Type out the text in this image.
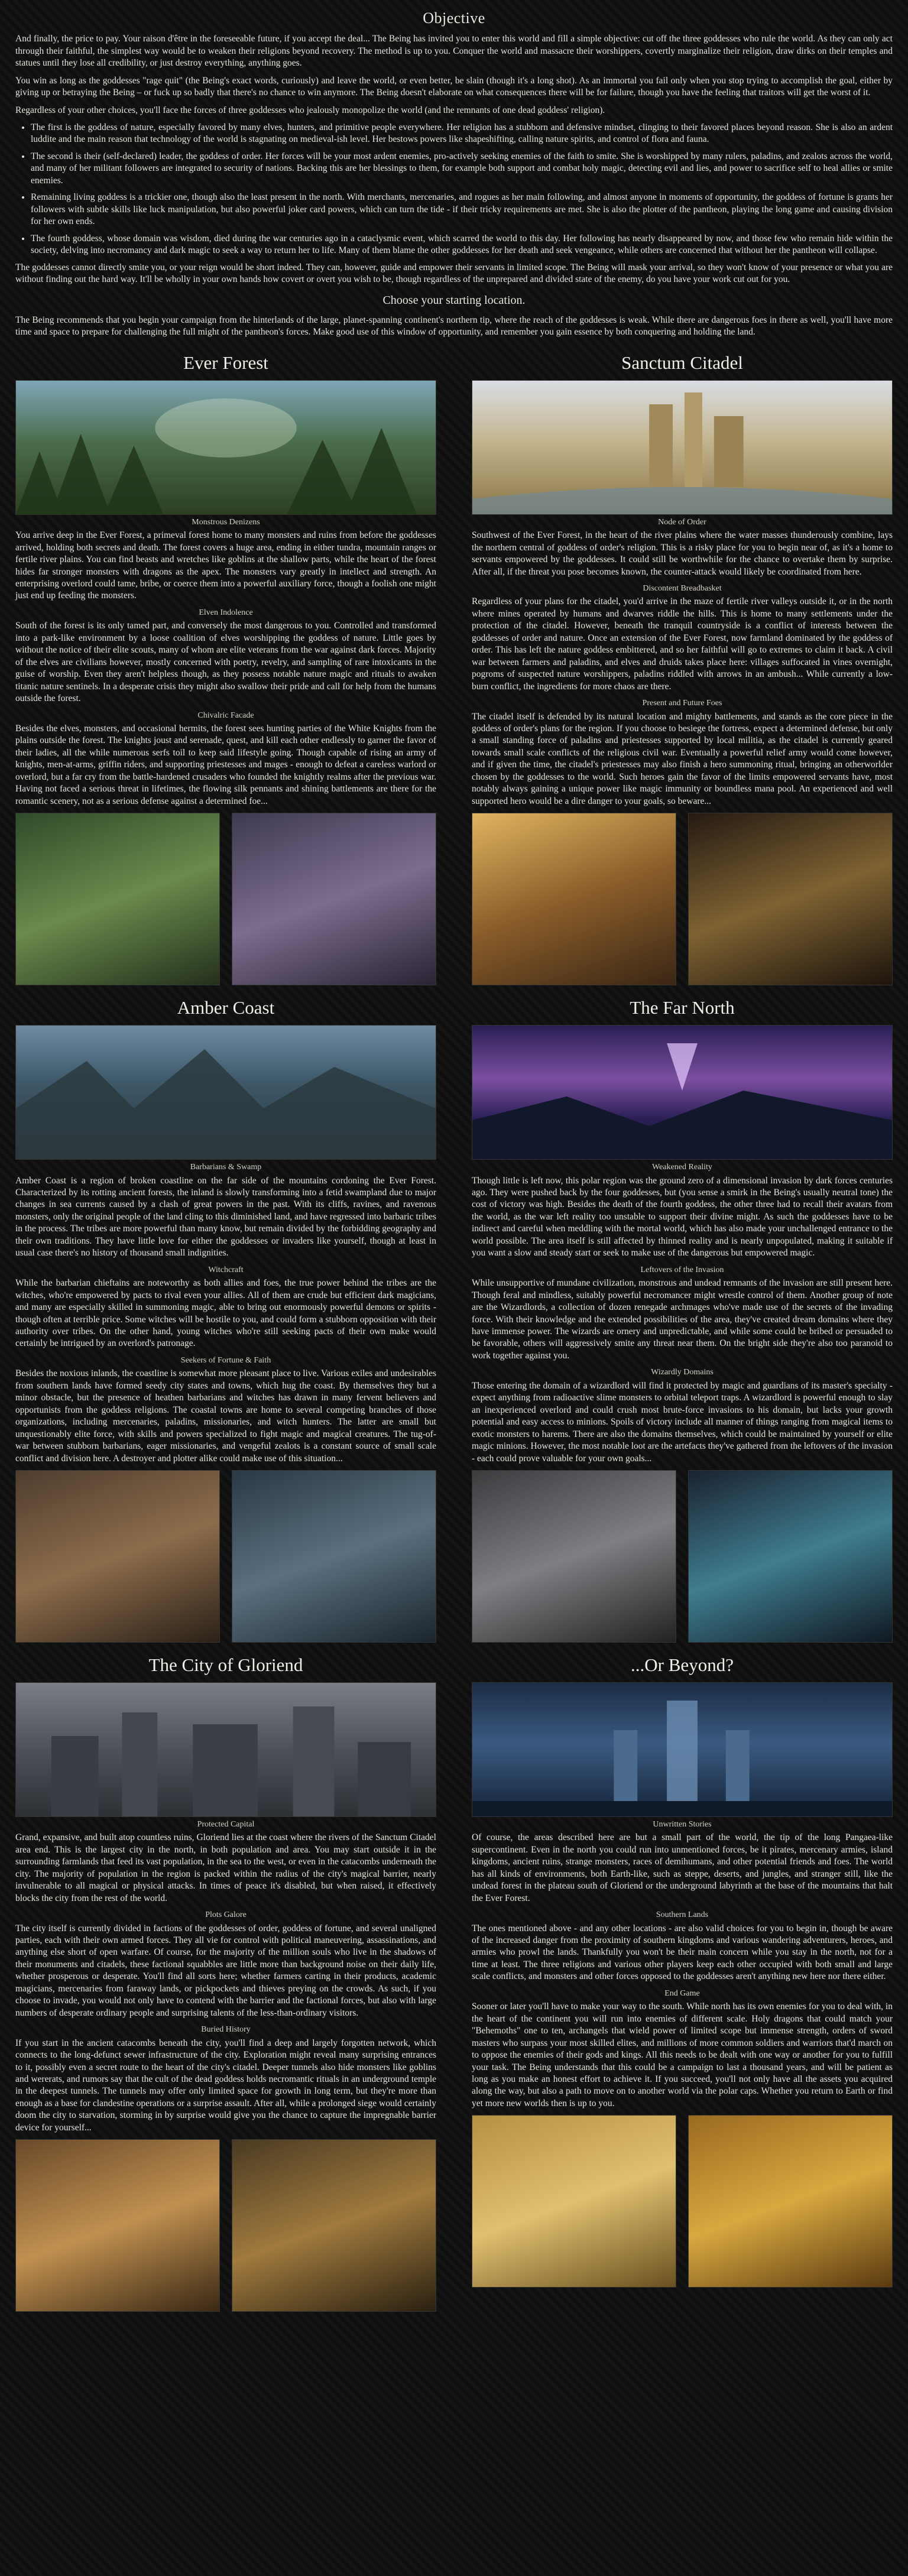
Objective

And finally, the price to pay. Your raison d'être in the foreseeable future, if you accept the deal... The Being has invited you to enter this world and fill a simple objective: cut off the three goddesses who rule the world. As they can only act through their faithful, the simplest way would be to weaken their religions beyond recovery. The method is up to you. Conquer the world and massacre their worshippers, covertly marginalize their religion, draw dirks on their temples and statues until they lose all credibility, or just destroy everything, anything goes.

You win as long as the goddesses "rage quit" (the Being's exact words, curiously) and leave the world, or even better, be slain (though it's a long shot). As an immortal you fail only when you stop trying to accomplish the goal, either by giving up or betraying the Being – or fuck up so badly that there's no chance to win anymore. The Being doesn't elaborate on what consequences there will be for failure, though you have the feeling that traitors will get the worst of it.

Regardless of your other choices, you'll face the forces of three goddesses who jealously monopolize the world (and the remnants of one dead goddess' religion).

• The first is the goddess of nature, especially favored by many elves, hunters, and primitive people everywhere. Her religion has a stubborn and defensive mindset, clinging to their favored places beyond reason. She is also an ardent luddite and the main reason that technology of the world is stagnating on medieval-ish level. Her bestows powers like shapeshifting, calling nature spirits, and control of flora and fauna.
• The second is their (self-declared) leader, the goddess of order. Her forces will be your most ardent enemies, pro-actively seeking enemies of the faith to smite. She is worshipped by many rulers, paladins, and zealots across the world, and many of her militant followers are integrated to security of nations. Backing this are her blessings to them, for example both support and combat holy magic, detecting evil and lies, and power to sacrifice self to heal allies or smite enemies.
• Remaining living goddess is a trickier one, though also the least present in the north. With merchants, mercenaries, and rogues as her main following, and almost anyone in moments of opportunity, the goddess of fortune is grants her followers with subtle skills like luck manipulation, but also powerful joker card powers, which can turn the tide - if their tricky requirements are met. She is also the plotter of the pantheon, playing the long game and causing division for her own ends.
• The fourth goddess, whose domain was wisdom, died during the war centuries ago in a cataclysmic event, which scarred the world to this day. Her following has nearly disappeared by now, and those few who remain hide within the society, delving into necromancy and dark magic to seek a way to return her to life. Many of them blame the other goddesses for her death and seek vengeance, while others are concerned that without her the pantheon will collapse.

The goddesses cannot directly smite you, or your reign would be short indeed. They can, however, guide and empower their servants in limited scope. The Being will mask your arrival, so they won't know of your presence or what you are without finding out the hard way. It'll be wholly in your own hands how covert or overt you wish to be, though regardless of the unprepared and divided state of the enemy, do you have your work cut out for you.

Choose your starting location.

The Being recommends that you begin your campaign from the hinterlands of the large, planet-spanning continent's northern tip, where the reach of the goddesses is weak. While there are dangerous foes in there as well, you'll have more time and space to prepare for challenging the full might of the pantheon's forces. Make good use of this window of opportunity, and remember you gain essence by both conquering and holding the land.

Ever Forest
Monstrous Denizens

You arrive deep in the Ever Forest, a primeval forest home to many monsters and ruins from before the goddesses arrived, holding both secrets and death. The forest covers a huge area, ending in either tundra, mountain ranges or fertile river plains. You can find beasts and wretches like goblins at the shallow parts, while the heart of the forest hides far stronger monsters with dragons as the apex. The monsters vary greatly in intellect and strength. An enterprising overlord could tame, bribe, or coerce them into a powerful auxiliary force, though a foolish one might just end up feeding the monsters.

Elven Indolence

South of the forest is its only tamed part, and conversely the most dangerous to you. Controlled and transformed into a park-like environment by a loose coalition of elves worshipping the goddess of nature. Little goes by without the notice of their elite scouts, many of whom are elite veterans from the war against dark forces. Majority of the elves are civilians however, mostly concerned with poetry, revelry, and sampling of rare intoxicants in the guise of worship. Even they aren't helpless though, as they possess notable nature magic and rituals to awaken titanic nature sentinels. In a desperate crisis they might also swallow their pride and call for help from the humans outside the forest.

Chivalric Facade

Besides the elves, monsters, and occasional hermits, the forest sees hunting parties of the White Knights from the plains outside the forest. The knights joust and serenade, quest, and kill each other endlessly to garner the favor of their ladies, all the while numerous serfs toil to keep said lifestyle going. Though capable of rising an army of knights, men-at-arms, griffin riders, and supporting priestesses and mages - enough to defeat a careless warlord or overlord, but a far cry from the battle-hardened crusaders who founded the knightly realms after the previous war. Having not faced a serious threat in lifetimes, the flowing silk pennants and shining battlements are there for the romantic scenery, not as a serious defense against a determined foe...

Sanctum Citadel
Node of Order

Southwest of the Ever Forest, in the heart of the river plains where the water masses thunderously combine, lays the northern central of goddess of order's religion. This is a risky place for you to begin near of, as it's a home to servants empowered by the goddesses. It could still be worthwhile for the chance to overtake them by surprise. After all, if the threat you pose becomes known, the counter-attack would likely be coordinated from here.

Discontent Breadbasket

Regardless of your plans for the citadel, you'd arrive in the maze of fertile river valleys outside it, or in the north where mines operated by humans and dwarves riddle the hills. This is home to many settlements under the protection of the citadel. However, beneath the tranquil countryside is a conflict of interests between the goddesses of order and nature. Once an extension of the Ever Forest, now farmland dominated by the goddess of order. This has left the nature goddess embittered, and so her faithful will go to extremes to claim it back. A civil war between farmers and paladins, and elves and druids takes place here: villages suffocated in vines overnight, pogroms of suspected nature worshippers, paladins riddled with arrows in an ambush... While currently a low-burn conflict, the ingredients for more chaos are there.

Present and Future Foes

The citadel itself is defended by its natural location and mighty battlements, and stands as the core piece in the goddess of order's plans for the region. If you choose to besiege the fortress, expect a determined defense, but only a small standing force of paladins and priestesses supported by local militia, as the citadel is currently geared towards small scale conflicts of the religious civil war. Eventually a powerful relief army would come however, and if given the time, the citadel's priestesses may also finish a hero summoning ritual, bringing an otherworlder chosen by the goddesses to the world. Such heroes gain the favor of the limits empowered servants have, most notably always gaining a unique power like magic immunity or boundless mana pool. An experienced and well supported hero would be a dire danger to your goals, so beware...

Amber Coast
Barbarians & Swamp

Amber Coast is a region of broken coastline on the far side of the mountains cordoning the Ever Forest. Characterized by its rotting ancient forests, the inland is slowly transforming into a fetid swampland due to major changes in sea currents caused by a clash of great powers in the past. With its cliffs, ravines, and ravenous monsters, only the original people of the land cling to this diminished land, and have regressed into barbaric tribes in the process. The tribes are more powerful than many know, but remain divided by the forbidding geography and their own traditions. They have little love for either the goddesses or invaders like yourself, though at least in usual case there's no history of thousand small indignities.

Witchcraft

While the barbarian chieftains are noteworthy as both allies and foes, the true power behind the tribes are the witches, who're empowered by pacts to rival even your allies. All of them are crude but efficient dark magicians, and many are especially skilled in summoning magic, able to bring out enormously powerful demons or spirits - though often at terrible price. Some witches will be hostile to you, and could form a stubborn opposition with their authority over tribes. On the other hand, young witches who're still seeking pacts of their own make would certainly be intrigued by an overlord's patronage.

Seekers of Fortune & Faith

Besides the noxious inlands, the coastline is somewhat more pleasant place to live. Various exiles and undesirables from southern lands have formed seedy city states and towns, which hug the coast. By themselves they but a minor obstacle, but the presence of heathen barbarians and witches has drawn in many fervent believers and opportunists from the goddess religions. The coastal towns are home to several competing branches of those organizations, including mercenaries, paladins, missionaries, and witch hunters. The latter are small but unquestionably elite force, with skills and powers specialized to fight magic and magical creatures. The tug-of-war between stubborn barbarians, eager missionaries, and vengeful zealots is a constant source of small scale conflict and division here. A destroyer and plotter alike could make use of this situation...

The Far North
Weakened Reality

Though little is left now, this polar region was the ground zero of a dimensional invasion by dark forces centuries ago. They were pushed back by the four goddesses, but (you sense a smirk in the Being's usually neutral tone) the cost of victory was high. Besides the death of the fourth goddess, the other three had to recall their avatars from the world, as the war left reality too unstable to support their divine might. As such the goddesses have to be indirect and careful when meddling with the mortal world, which has also made your unchallenged entrance to the world possible. The area itself is still affected by thinned reality and is nearly unpopulated, making it suitable if you want a slow and steady start or seek to make use of the dangerous but empowered magic.

Leftovers of the Invasion

While unsupportive of mundane civilization, monstrous and undead remnants of the invasion are still present here. Though feral and mindless, suitably powerful necromancer might wrestle control of them. Another group of note are the Wizardlords, a collection of dozen renegade archmages who've made use of the secrets of the invading force. With their knowledge and the extended possibilities of the area, they've created dream domains where they have immense power. The wizards are ornery and unpredictable, and while some could be bribed or persuaded to be favorable, others will aggressively smite any threat near them. On the bright side they're also too paranoid to work together against you.

Wizardly Domains

Those entering the domain of a wizardlord will find it protected by magic and guardians of its master's specialty - expect anything from radioactive slime monsters to orbital teleport traps. A wizardlord is powerful enough to slay an inexperienced overlord and could crush most brute-force invasions to his domain, but lacks your growth potential and easy access to minions. Spoils of victory include all manner of things ranging from magical items to exotic monsters to harems. There are also the domains themselves, which could be maintained by yourself or elite magic minions. However, the most notable loot are the artefacts they've gathered from the leftovers of the invasion - each could prove valuable for your own goals...

The City of Gloriend
Protected Capital

Grand, expansive, and built atop countless ruins, Gloriend lies at the coast where the rivers of the Sanctum Citadel area end. This is the largest city in the north, in both population and area. You may start outside it in the surrounding farmlands that feed its vast population, in the sea to the west, or even in the catacombs underneath the city. The majority of population in the region is packed within the radius of the city's magical barrier, nearly invulnerable to all magical or physical attacks. In times of peace it's disabled, but when raised, it effectively blocks the city from the rest of the world.

Plots Galore

The city itself is currently divided in factions of the goddesses of order, goddess of fortune, and several unaligned parties, each with their own armed forces. They all vie for control with political maneuvering, assassinations, and anything else short of open warfare. Of course, for the majority of the million souls who live in the shadows of their monuments and citadels, these factional squabbles are little more than background noise on their daily life, whether prosperous or desperate. You'll find all sorts here; whether farmers carting in their products, academic magicians, mercenaries from faraway lands, or pickpockets and thieves preying on the crowds. As such, if you choose to invade, you would not only have to contend with the barrier and the factional forces, but also with large numbers of desperate ordinary people and surprising talents of the less-than-ordinary visitors.

Buried History

If you start in the ancient catacombs beneath the city, you'll find a deep and largely forgotten network, which connects to the long-defunct sewer infrastructure of the city. Exploration might reveal many surprising entrances to it, possibly even a secret route to the heart of the city's citadel. Deeper tunnels also hide monsters like goblins and wererats, and rumors say that the cult of the dead goddess holds necromantic rituals in an underground temple in the deepest tunnels. The tunnels may offer only limited space for growth in long term, but they're more than enough as a base for clandestine operations or a surprise assault. After all, while a prolonged siege would certainly doom the city to starvation, storming in by surprise would give you the chance to capture the impregnable barrier device for yourself...

...Or Beyond?
Unwritten Stories

Of course, the areas described here are but a small part of the world, the tip of the long Pangaea-like supercontinent. Even in the north you could run into unmentioned forces, be it pirates, mercenary armies, island kingdoms, ancient ruins, strange monsters, races of demihumans, and other potential friends and foes. The world has all kinds of environments, both Earth-like, such as steppe, deserts, and jungles, and stranger still, like the undead forest in the plateau south of Gloriend or the underground labyrinth at the base of the mountains that halt the Ever Forest.

Southern Lands

The ones mentioned above - and any other locations - are also valid choices for you to begin in, though be aware of the increased danger from the proximity of southern kingdoms and various wandering adventurers, heroes, and armies who prowl the lands. Thankfully you won't be their main concern while you stay in the north, not for a time at least. The three religions and various other players keep each other occupied with both small and large scale conflicts, and monsters and other forces opposed to the goddesses aren't anything new here nor there either.

End Game

Sooner or later you'll have to make your way to the south. While north has its own enemies for you to deal with, in the heart of the continent you will run into enemies of different scale. Holy dragons that could match your "Behemoths" one to ten, archangels that wield power of limited scope but immense strength, orders of sword masters who surpass your most skilled elites, and millions of more common soldiers and warriors that'd march on to oppose the enemies of their gods and kings. All this needs to be dealt with one way or another for you to fulfill your task. The Being understands that this could be a campaign to last a thousand years, and will be patient as long as you make an honest effort to achieve it. If you succeed, you'll not only have all the assets you acquired along the way, but also a path to move on to another world via the polar caps. Whether you return to Earth or find yet more new worlds then is up to you.
